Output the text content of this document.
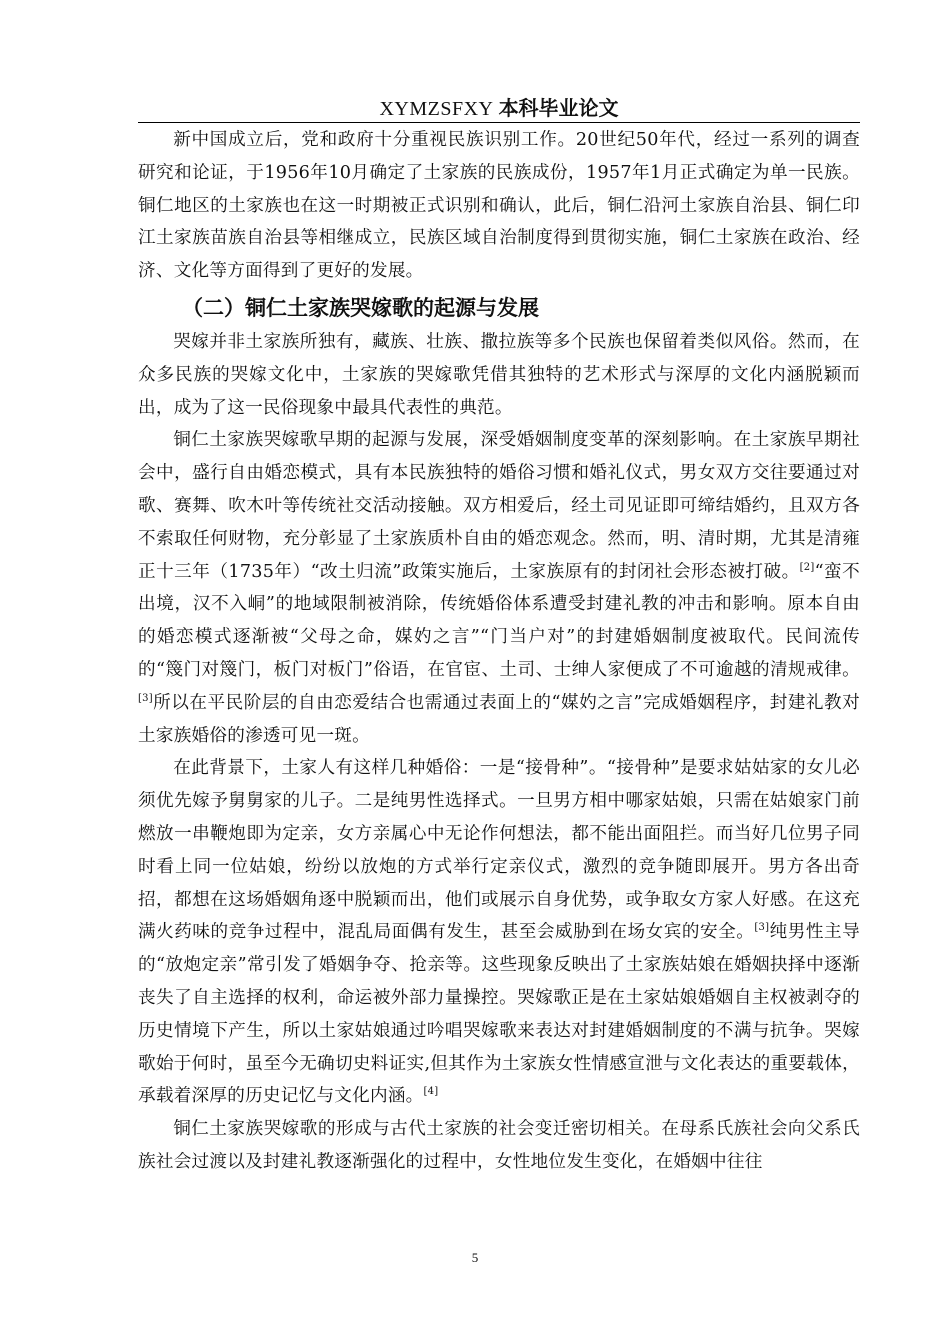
XYMZSFXY 本科毕业论文

新中国成立后，党和政府十分重视民族识别工作。20世纪50年代，经过一系列的调查研究和论证，于1956年10月确定了土家族的民族成份，1957年1月正式确定为单一民族。铜仁地区的土家族也在这一时期被正式识别和确认，此后，铜仁沿河土家族自治县、铜仁印江土家族苗族自治县等相继成立，民族区域自治制度得到贯彻实施，铜仁土家族在政治、经济、文化等方面得到了更好的发展。

（二）铜仁土家族哭嫁歌的起源与发展

哭嫁并非土家族所独有，藏族、壮族、撒拉族等多个民族也保留着类似风俗。然而，在众多民族的哭嫁文化中，土家族的哭嫁歌凭借其独特的艺术形式与深厚的文化内涵脱颖而出，成为了这一民俗现象中最具代表性的典范。

铜仁土家族哭嫁歌早期的起源与发展，深受婚姻制度变革的深刻影响。在土家族早期社会中，盛行自由婚恋模式，具有本民族独特的婚俗习惯和婚礼仪式，男女双方交往要通过对歌、赛舞、吹木叶等传统社交活动接触。双方相爱后，经土司见证即可缔结婚约，且双方各不索取任何财物，充分彰显了土家族质朴自由的婚恋观念。然而，明、清时期，尤其是清雍正十三年（1735年）“改土归流”政策实施后，土家族原有的封闭社会形态被打破。[2]“蛮不出境，汉不入峒”的地域限制被消除，传统婚俗体系遭受封建礼教的冲击和影响。原本自由的婚恋模式逐渐被“父母之命，媒妁之言”“门当户对”的封建婚姻制度被取代。民间流传的“篾门对篾门，板门对板门”俗语，在官宦、土司、士绅人家便成了不可逾越的清规戒律。[3]所以在平民阶层的自由恋爱结合也需通过表面上的“媒妁之言”完成婚姻程序，封建礼教对土家族婚俗的渗透可见一斑。

在此背景下，土家人有这样几种婚俗：一是“接骨种”。“接骨种”是要求姑姑家的女儿必须优先嫁予舅舅家的儿子。二是纯男性选择式。一旦男方相中哪家姑娘，只需在姑娘家门前燃放一串鞭炮即为定亲，女方亲属心中无论作何想法，都不能出面阻拦。而当好几位男子同时看上同一位姑娘，纷纷以放炮的方式举行定亲仪式，激烈的竞争随即展开。男方各出奇招，都想在这场婚姻角逐中脱颖而出，他们或展示自身优势，或争取女方家人好感。在这充满火药味的竞争过程中，混乱局面偶有发生，甚至会威胁到在场女宾的安全。[3]纯男性主导的“放炮定亲”常引发了婚姻争夺、抢亲等。这些现象反映出了土家族姑娘在婚姻抉择中逐渐丧失了自主选择的权利，命运被外部力量操控。哭嫁歌正是在土家姑娘婚姻自主权被剥夺的历史情境下产生，所以土家姑娘通过吟唱哭嫁歌来表达对封建婚姻制度的不满与抗争。哭嫁歌始于何时，虽至今无确切史料证实,但其作为土家族女性情感宣泄与文化表达的重要载体，承载着深厚的历史记忆与文化内涵。[4]

铜仁土家族哭嫁歌的形成与古代土家族的社会变迁密切相关。在母系氏族社会向父系氏族社会过渡以及封建礼教逐渐强化的过程中，女性地位发生变化，在婚姻中往往

5
